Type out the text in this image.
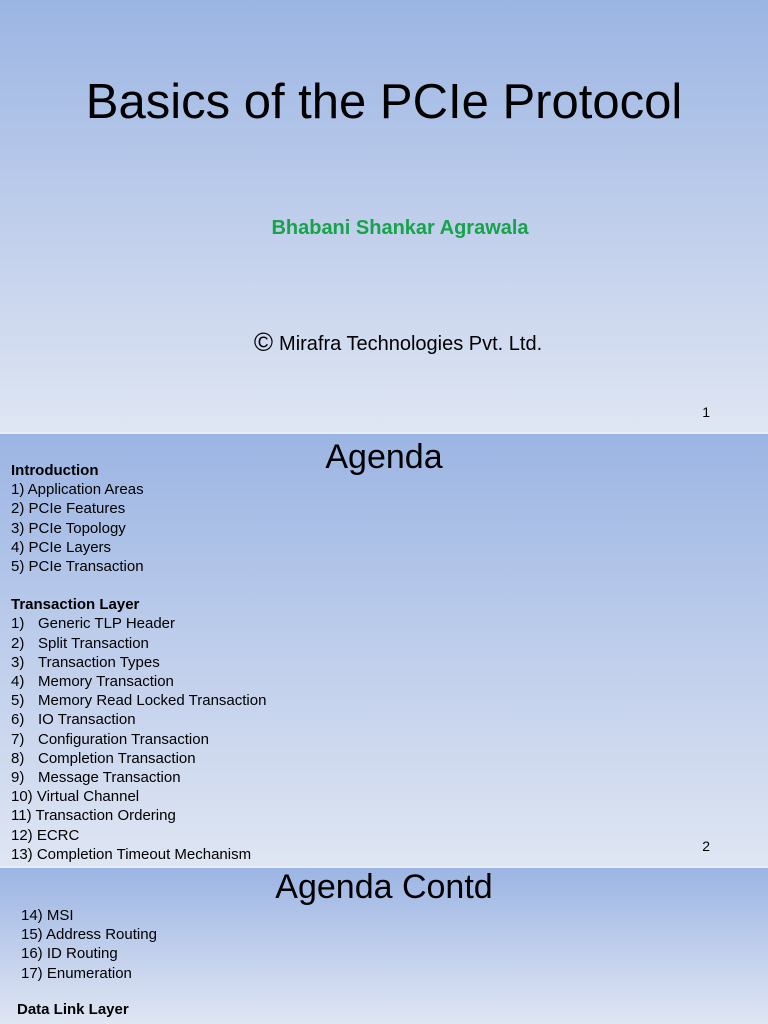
Basics of the PCIe Protocol
Bhabani Shankar Agrawala
© Mirafra Technologies Pvt. Ltd.
1
Agenda
Introduction
1) Application Areas
2) PCIe Features
3) PCIe Topology
4) PCIe Layers
5) PCIe Transaction
Transaction Layer
1) Generic TLP Header
2) Split Transaction
3) Transaction Types
4) Memory Transaction
5) Memory Read Locked Transaction
6) IO Transaction
7) Configuration Transaction
8) Completion Transaction
9) Message Transaction
10) Virtual Channel
11) Transaction Ordering
12) ECRC
13) Completion Timeout Mechanism	2
Agenda Contd
14) MSI
15) Address Routing
16) ID Routing
17) Enumeration
Data Link Layer
